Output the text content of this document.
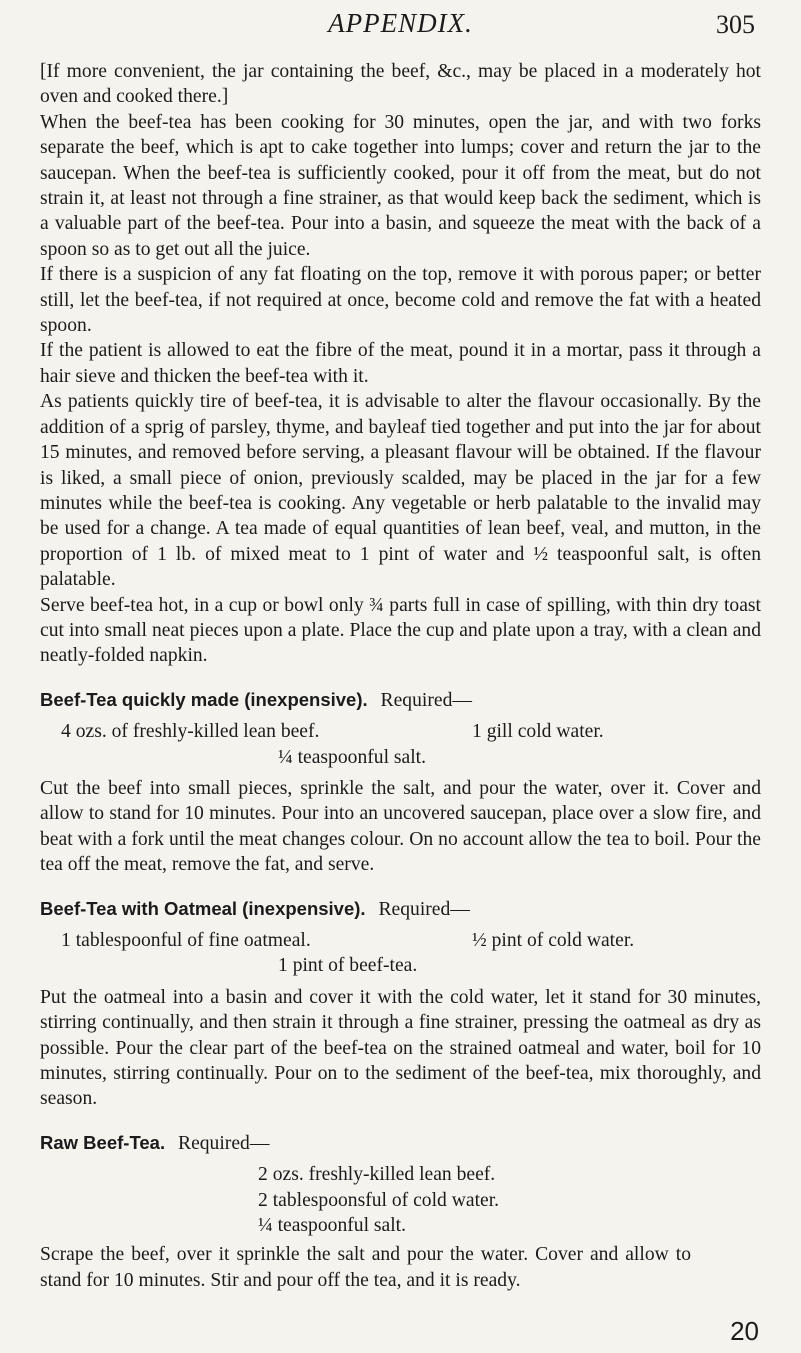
APPENDIX.	305

[If more convenient, the jar containing the beef, &c., may be placed in a moderately hot oven and cooked there.]

When the beef-tea has been cooking for 30 minutes, open the jar, and with two forks separate the beef, which is apt to cake together into lumps; cover and return the jar to the saucepan. When the beef-tea is sufficiently cooked, pour it off from the meat, but do not strain it, at least not through a fine strainer, as that would keep back the sediment, which is a valuable part of the beef-tea. Pour into a basin, and squeeze the meat with the back of a spoon so as to get out all the juice.

If there is a suspicion of any fat floating on the top, remove it with porous paper; or better still, let the beef-tea, if not required at once, become cold and remove the fat with a heated spoon.

If the patient is allowed to eat the fibre of the meat, pound it in a mortar, pass it through a hair sieve and thicken the beef-tea with it.

As patients quickly tire of beef-tea, it is advisable to alter the flavour occasionally. By the addition of a sprig of parsley, thyme, and bayleaf tied together and put into the jar for about 15 minutes, and removed before serving, a pleasant flavour will be obtained. If the flavour is liked, a small piece of onion, previously scalded, may be placed in the jar for a few minutes while the beef-tea is cooking. Any vegetable or herb palatable to the invalid may be used for a change. A tea made of equal quantities of lean beef, veal, and mutton, in the proportion of 1 lb. of mixed meat to 1 pint of water and ½ teaspoonful salt, is often palatable.

Serve beef-tea hot, in a cup or bowl only ¾ parts full in case of spilling, with thin dry toast cut into small neat pieces upon a plate. Place the cup and plate upon a tray, with a clean and neatly-folded napkin.

Beef-Tea quickly made (inexpensive). Required—
4 ozs. of freshly-killed lean beef.	1 gill cold water.
¼ teaspoonful salt.

Cut the beef into small pieces, sprinkle the salt, and pour the water, over it. Cover and allow to stand for 10 minutes. Pour into an uncovered saucepan, place over a slow fire, and beat with a fork until the meat changes colour. On no account allow the tea to boil. Pour the tea off the meat, remove the fat, and serve.

Beef-Tea with Oatmeal (inexpensive). Required—
1 tablespoonful of fine oatmeal.	½ pint of cold water.
1 pint of beef-tea.

Put the oatmeal into a basin and cover it with the cold water, let it stand for 30 minutes, stirring continually, and then strain it through a fine strainer, pressing the oatmeal as dry as possible. Pour the clear part of the beef-tea on the strained oatmeal and water, boil for 10 minutes, stirring continually. Pour on to the sediment of the beef-tea, mix thoroughly, and season.

Raw Beef-Tea. Required—
2 ozs. freshly-killed lean beef.
2 tablespoonsful of cold water.
¼ teaspoonful salt.

Scrape the beef, over it sprinkle the salt and pour the water. Cover and allow to stand for 10 minutes. Stir and pour off the tea, and it is ready.

20
